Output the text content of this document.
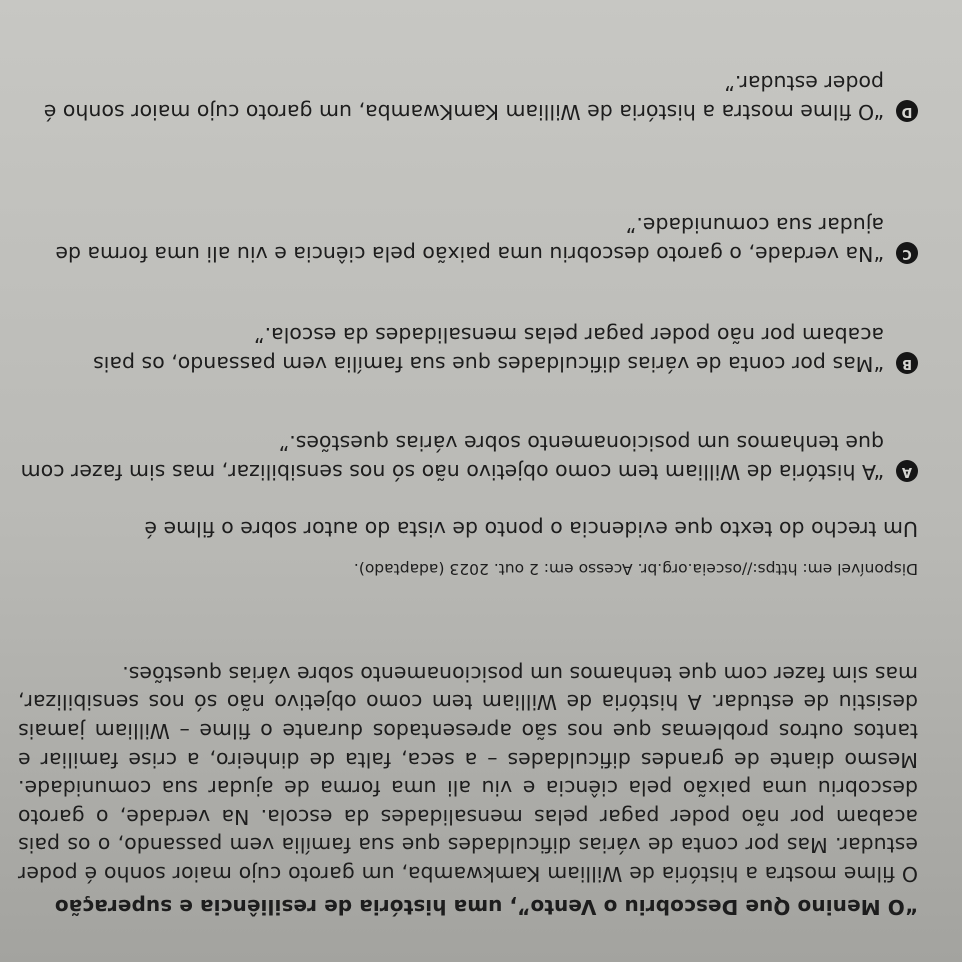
“O Menino Que Descobriu o Vento”, uma história de resiliência e superação
O filme mostra a história de William Kamkwamba, um garoto cujo maior sonho é poder estudar. Mas por conta de várias dificuldades que sua família vem passando, o os pais acabam por não poder pagar pelas mensalidades da escola. Na verdade, o garoto descobriu uma paixão pela ciência e viu ali uma forma de ajudar sua comunidade. Mesmo diante de grandes dificuldades – a seca, falta de dinheiro, a crise familiar e tantos outros problemas que nos são apresentados durante o filme – William jamais desistiu de estudar. A história de William tem como objetivo não só nos sensibilizar, mas sim fazer com que tenhamos um posicionamento sobre várias questões.
Disponível em: https://osceia.org.br. Acesso em: 2 out. 2023 (adaptado).
Um trecho do texto que evidencia o ponto de vista do autor sobre o filme é
A
“A história de William tem como objetivo não só nos sensibilizar, mas sim fazer com que tenhamos um posicionamento sobre várias questões.”
B
“Mas por conta de várias dificuldades que sua família vem passando, os pais acabam por não poder pagar pelas mensalidades da escola.”
C
“Na verdade, o garoto descobriu uma paixão pela ciência e viu ali uma forma de ajudar sua comunidade.”
D
“O filme mostra a história de William KamKwamba, um garoto cujo maior sonho é poder estudar.”
